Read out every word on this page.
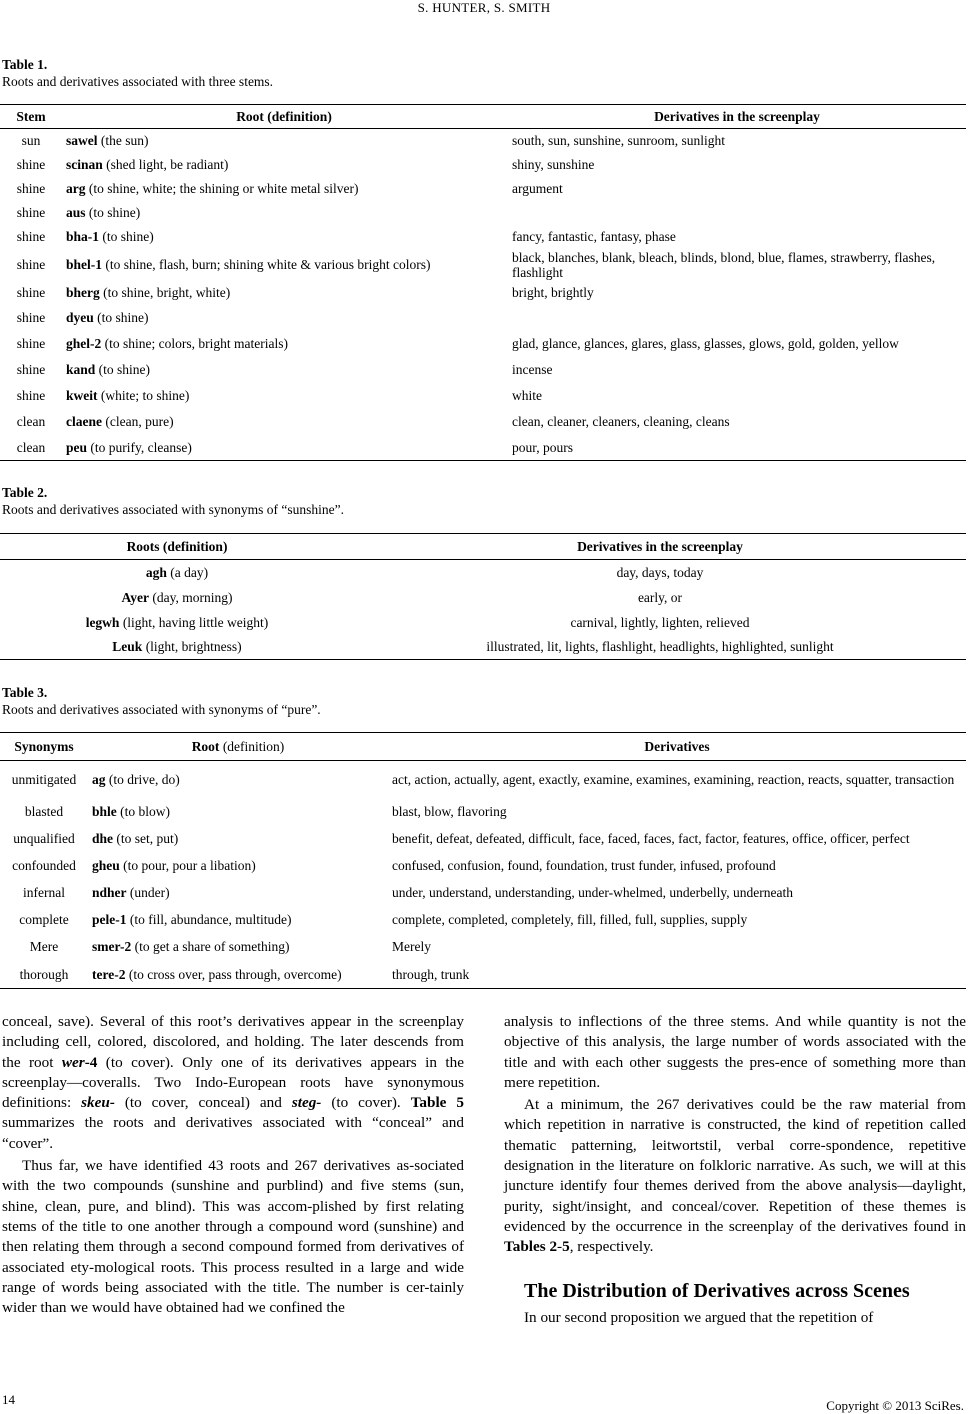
S. HUNTER, S. SMITH
Table 1.
Roots and derivatives associated with three stems.
Stem	Root (definition)	Derivatives in the screenplay
sun	sawel (the sun)	south, sun, sunshine, sunroom, sunlight
shine	scinan (shed light, be radiant)	shiny, sunshine
shine	arg (to shine, white; the shining or white metal silver)	argument
shine	aus (to shine)	
shine	bha-1 (to shine)	fancy, fantastic, fantasy, phase
shine	bhel-1 (to shine, flash, burn; shining white & various bright colors)	black, blanches, blank, bleach, blinds, blond, blue, flames, strawberry, flashes, flashlight
shine	bherg (to shine, bright, white)	bright, brightly
shine	dyeu (to shine)	
shine	ghel-2 (to shine; colors, bright materials)	glad, glance, glances, glares, glass, glasses, glows, gold, golden, yellow
shine	kand (to shine)	incense
shine	kweit (white; to shine)	white
clean	claene (clean, pure)	clean, cleaner, cleaners, cleaning, cleans
clean	peu (to purify, cleanse)	pour, pours
Table 2.
Roots and derivatives associated with synonyms of “sunshine”.
Roots (definition)	Derivatives in the screenplay
agh (a day)	day, days, today
Ayer (day, morning)	early, or
legwh (light, having little weight)	carnival, lightly, lighten, relieved
Leuk (light, brightness)	illustrated, lit, lights, flashlight, headlights, highlighted, sunlight
Table 3.
Roots and derivatives associated with synonyms of “pure”.
Synonyms	Root (definition)	Derivatives
unmitigated	ag (to drive, do)	act, action, actually, agent, exactly, examine, examines, examining, reaction, reacts, squatter, transaction
blasted	bhle (to blow)	blast, blow, flavoring
unqualified	dhe (to set, put)	benefit, defeat, defeated, difficult, face, faced, faces, fact, factor, features, office, officer, perfect
confounded	gheu (to pour, pour a libation)	confused, confusion, found, foundation, trust funder, infused, profound
infernal	ndher (under)	under, understand, understanding, under-whelmed, underbelly, underneath
complete	pele-1 (to fill, abundance, multitude)	complete, completed, completely, fill, filled, full, supplies, supply
Mere	smer-2 (to get a share of something)	Merely
thorough	tere-2 (to cross over, pass through, overcome)	through, trunk

conceal, save). Several of this root’s derivatives appear in the screenplay including cell, colored, discolored, and holding. The later descends from the root wer-4 (to cover). Only one of its derivatives appears in the screenplay—coveralls. Two Indo-European roots have synonymous definitions: skeu- (to cover, conceal) and steg- (to cover). Table 5 summarizes the roots and derivatives associated with “conceal” and “cover”.

Thus far, we have identified 43 roots and 267 derivatives as-sociated with the two compounds (sunshine and purblind) and five stems (sun, shine, clean, pure, and blind). This was accom-plished by first relating stems of the title to one another through a compound word (sunshine) and then relating them through a second compound formed from derivatives of associated ety-mological roots. This process resulted in a large and wide range of words being associated with the title. The number is cer-tainly wider than we would have obtained had we confined the

analysis to inflections of the three stems. And while quantity is not the objective of this analysis, the large number of words associated with the title and with each other suggests the pres-ence of something more than mere repetition.

At a minimum, the 267 derivatives could be the raw material from which repetition in narrative is constructed, the kind of repetition called thematic patterning, leitwortstil, verbal corre-spondence, repetitive designation in the literature on folkloric narrative. As such, we will at this juncture identify four themes derived from the above analysis—daylight, purity, sight/insight, and conceal/cover. Repetition of these themes is evidenced by the occurrence in the screenplay of the derivatives found in Tables 2-5, respectively.

The Distribution of Derivatives across Scenes

In our second proposition we argued that the repetition of

14	Copyright © 2013 SciRes.
